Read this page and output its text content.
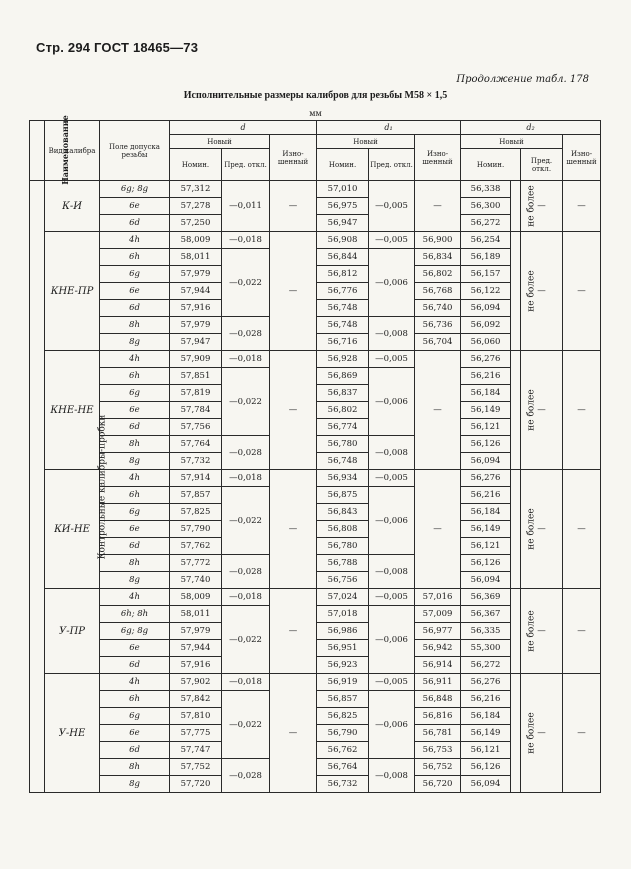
Стр. 294 ГОСТ 18465—73
Продолжение табл. 178
Исполнительные размеры калибров для резьбы М58 × 1,5
мм
Наименование	Вид калибра	Поле допуска резьбы	d			d₁			d₂			
			Новый		Изно-шенный	Новый		Изно-шенный	Новый			Изно-шенный
			Номин.	Пред. откл.		Номин.	Пред. откл.		Номин.		Пред. откл.	
Контрольные калибры-пробки	К-И	6g; 8g	57,312	—0,011	—	57,010	—0,005	—	56,338	не более	—	—
		6e	57,278			56,975			56,300			
		6d	57,250			56,947			56,272			
	КНЕ-ПР	4h	58,009	—0,018	—	56,908	—0,005	56,900	56,254	не более	—	—
		6h	58,011	—0,022		56,844	—0,006	56,834	56,189			
		6g	57,979			56,812		56,802	56,157			
		6e	57,944			56,776		56,768	56,122			
		6d	57,916			56,748		56,740	56,094			
		8h	57,979	—0,028		56,748	—0,008	56,736	56,092			
		8g	57,947			56,716		56,704	56,060			
	КНЕ-НЕ	4h	57,909	—0,018	—	56,928	—0,005	—	56,276	не более	—	—
		6h	57,851	—0,022		56,869	—0,006		56,216			
		6g	57,819			56,837			56,184			
		6e	57,784			56,802			56,149			
		6d	57,756			56,774			56,121			
		8h	57,764	—0,028		56,780	—0,008		56,126			
		8g	57,732			56,748			56,094			
	КИ-НЕ	4h	57,914	—0,018	—	56,934	—0,005	—	56,276	не более	—	—
		6h	57,857	—0,022		56,875	—0,006		56,216			
		6g	57,825			56,843			56,184			
		6e	57,790			56,808			56,149			
		6d	57,762			56,780			56,121			
		8h	57,772	—0,028		56,788	—0,008		56,126			
		8g	57,740			56,756			56,094			
	У-ПР	4h	58,009	—0,018	—	57,024	—0,005	57,016	56,369	не более	—	—
		6h; 8h	58,011	—0,022		57,018	—0,006	57,009	56,367			
		6g; 8g	57,979			56,986		56,977	56,335			
		6e	57,944			56,951		56,942	55,300			
		6d	57,916			56,923		56,914	56,272			
	У-НЕ	4h	57,902	—0,018	—	56,919	—0,005	56,911	56,276	не более	—	—
		6h	57,842	—0,022		56,857	—0,006	56,848	56,216			
		6g	57,810			56,825		56,816	56,184			
		6e	57,775			56,790		56,781	56,149			
		6d	57,747			56,762		56,753	56,121			
		8h	57,752	—0,028		56,764	—0,008	56,752	56,126			
		8g	57,720			56,732		56,720	56,094			
